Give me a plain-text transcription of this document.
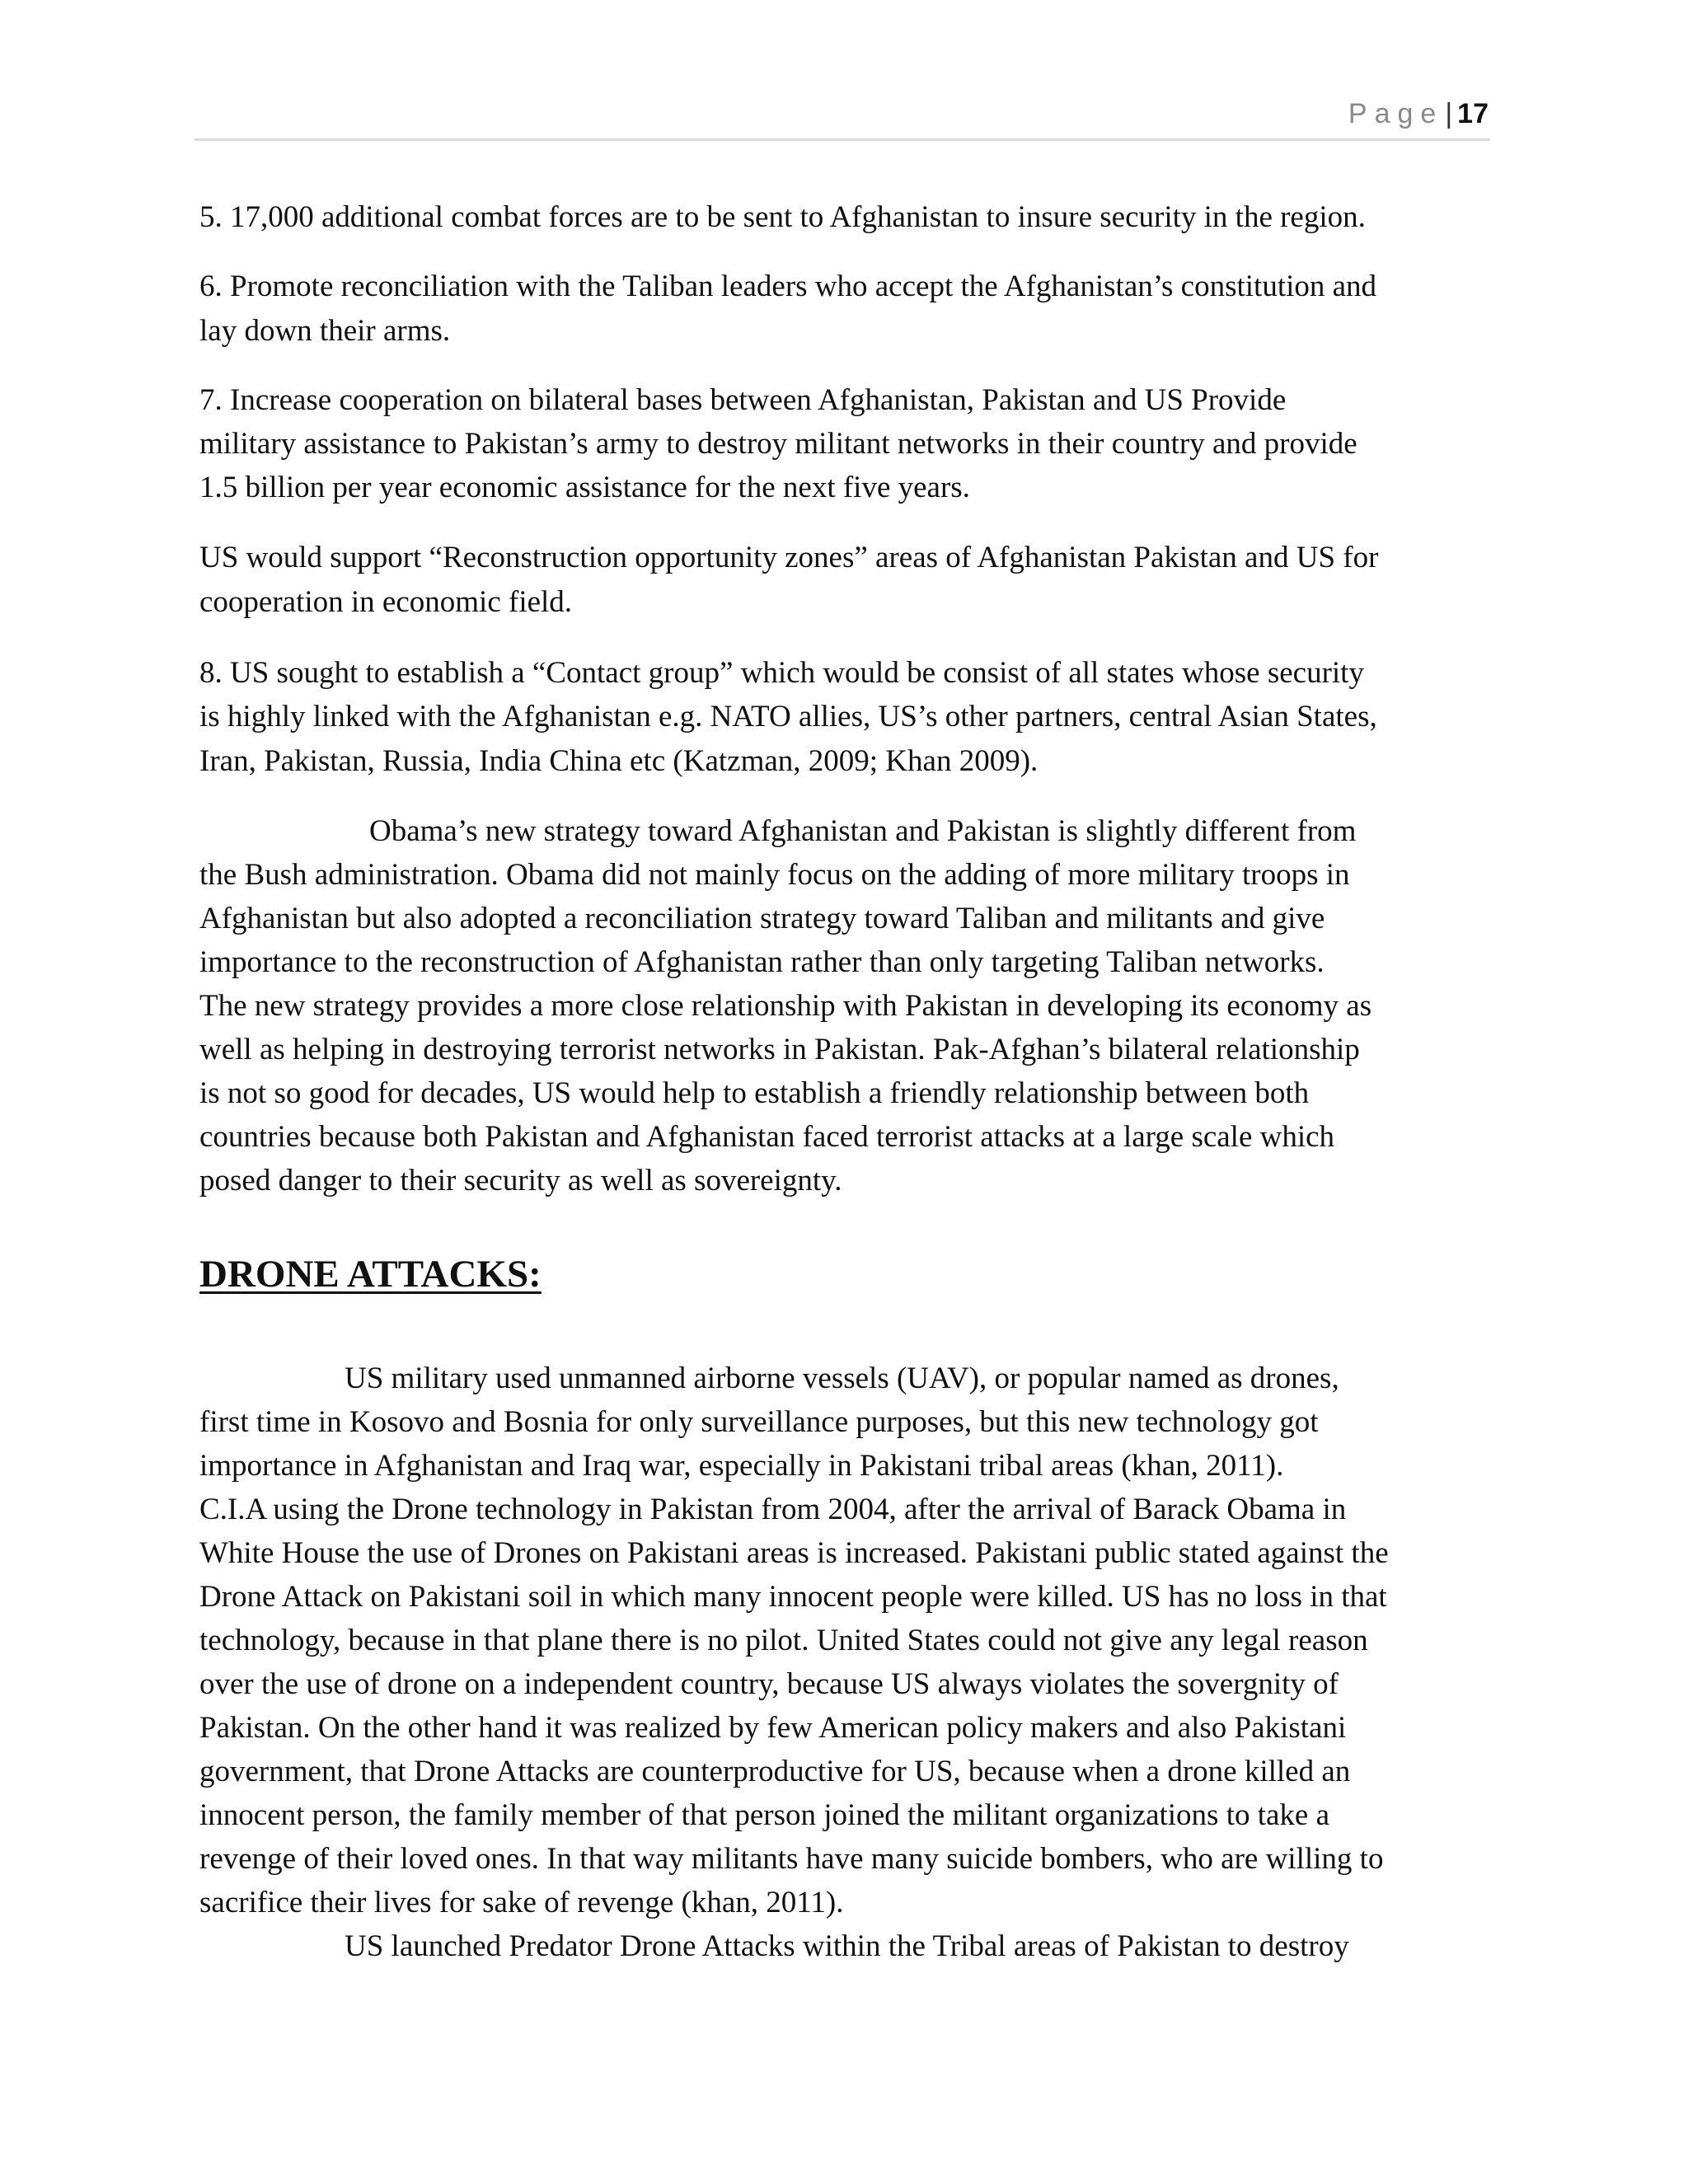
Page| 17
5. 17,000 additional combat forces are to be sent to Afghanistan to insure security in the region.
6. Promote reconciliation with the Taliban leaders who accept the Afghanistan’s constitution and
lay down their arms.
7. Increase cooperation on bilateral bases between Afghanistan, Pakistan and US Provide
military assistance to Pakistan’s army to destroy militant networks in their country and provide
1.5 billion per year economic assistance for the next five years.
US would support “Reconstruction opportunity zones” areas of Afghanistan Pakistan and US for
cooperation in economic field.
8. US sought to establish a “Contact group” which would be consist of all states whose security
is highly linked with the Afghanistan e.g. NATO allies, US’s other partners, central Asian States,
Iran, Pakistan, Russia, India China etc (Katzman, 2009; Khan 2009).
Obama’s new strategy toward Afghanistan and Pakistan is slightly different from
the Bush administration. Obama did not mainly focus on the adding of more military troops in
Afghanistan but also adopted a reconciliation strategy toward Taliban and militants and give
importance to the reconstruction of Afghanistan rather than only targeting Taliban networks.
The new strategy provides a more close relationship with Pakistan in developing its economy as
well as helping in destroying terrorist networks in Pakistan. Pak-Afghan’s bilateral relationship
is not so good for decades, US would help to establish a friendly relationship between both
countries because both Pakistan and Afghanistan faced terrorist attacks at a large scale which
posed danger to their security as well as sovereignty.
DRONE ATTACKS:
US military used unmanned airborne vessels (UAV), or popular named as drones,
first time in Kosovo and Bosnia for only surveillance purposes, but this new technology got
importance in Afghanistan and Iraq war, especially in Pakistani tribal areas (khan, 2011).
C.I.A using the Drone technology in Pakistan from 2004, after the arrival of Barack Obama in
White House the use of Drones on Pakistani areas is increased. Pakistani public stated against the
Drone Attack on Pakistani soil in which many innocent people were killed. US has no loss in that
technology, because in that plane there is no pilot. United States could not give any legal reason
over the use of drone on a independent country, because US always violates the sovergnity of
Pakistan. On the other hand it was realized by few American policy makers and also Pakistani
government, that Drone Attacks are counterproductive for US, because when a drone killed an
innocent person, the family member of that person joined the militant organizations to take a
revenge of their loved ones. In that way militants have many suicide bombers, who are willing to
sacrifice their lives for sake of revenge (khan, 2011).
US launched Predator Drone Attacks within the Tribal areas of Pakistan to destroy
